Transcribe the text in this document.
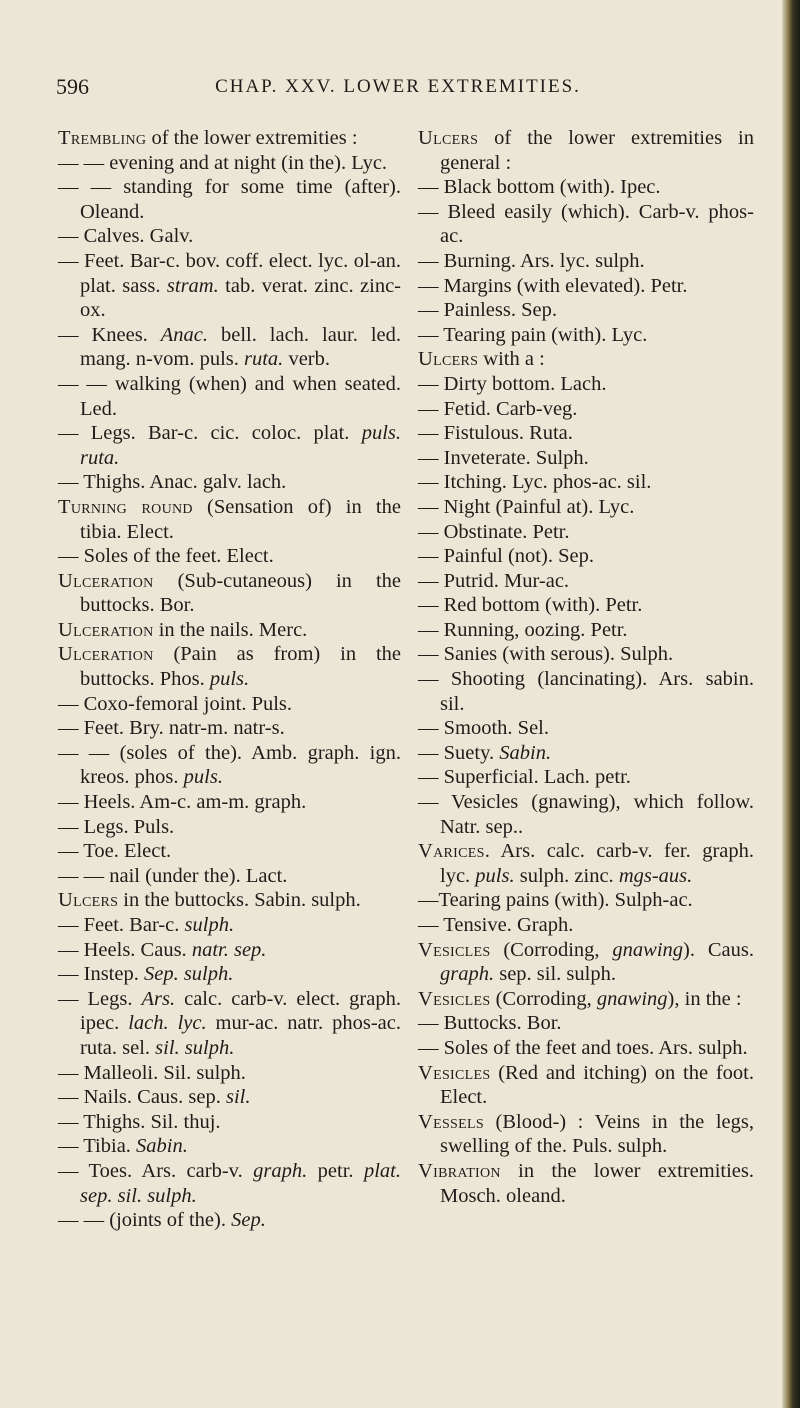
596	CHAP. XXV. LOWER EXTREMITIES.
Trembling of the lower extremities :
— — evening and at night (in the). Lyc.
— — standing for some time (after). Oleand.
— Calves. Galv.
— Feet. Bar-c. bov. coff. elect. lyc. ol-an. plat. sass. stram. tab. verat. zinc. zinc-ox.
— Knees. Anac. bell. lach. laur. led. mang. n-vom. puls. ruta. verb.
— — walking (when) and when seated. Led.
— Legs. Bar-c. cic. coloc. plat. puls. ruta.
— Thighs. Anac. galv. lach.
Turning round (Sensation of) in the tibia. Elect.
— Soles of the feet. Elect.
Ulceration (Sub-cutaneous) in the buttocks. Bor.
Ulceration in the nails. Merc.
Ulceration (Pain as from) in the buttocks. Phos. puls.
— Coxo-femoral joint. Puls.
— Feet. Bry. natr-m. natr-s.
— — (soles of the). Amb. graph. ign. kreos. phos. puls.
— Heels. Am-c. am-m. graph.
— Legs. Puls.
— Toe. Elect.
— — nail (under the). Lact.
Ulcers in the buttocks. Sabin. sulph.
— Feet. Bar-c. sulph.
— Heels. Caus. natr. sep.
— Instep. Sep. sulph.
— Legs. Ars. calc. carb-v. elect. graph. ipec. lach. lyc. mur-ac. natr. phos-ac. ruta. sel. sil. sulph.
— Malleoli. Sil. sulph.
— Nails. Caus. sep. sil.
— Thighs. Sil. thuj.
— Tibia. Sabin.
— Toes. Ars. carb-v. graph. petr. plat. sep. sil. sulph.
— — (joints of the). Sep.
Ulcers of the lower extremities in general :
— Black bottom (with). Ipec.
— Bleed easily (which). Carb-v. phos-ac.
— Burning. Ars. lyc. sulph.
— Margins (with elevated). Petr.
— Painless. Sep.
— Tearing pain (with). Lyc.
Ulcers with a :
— Dirty bottom. Lach.
— Fetid. Carb-veg.
— Fistulous. Ruta.
— Inveterate. Sulph.
— Itching. Lyc. phos-ac. sil.
— Night (Painful at). Lyc.
— Obstinate. Petr.
— Painful (not). Sep.
— Putrid. Mur-ac.
— Red bottom (with). Petr.
— Running, oozing. Petr.
— Sanies (with serous). Sulph.
— Shooting (lancinating). Ars. sabin. sil.
— Smooth. Sel.
— Suety. Sabin.
— Superficial. Lach. petr.
— Vesicles (gnawing), which follow. Natr. sep..
Varices. Ars. calc. carb-v. fer. graph. lyc. puls. sulph. zinc. mgs-aus.
—Tearing pains (with). Sulph-ac.
— Tensive. Graph.
Vesicles (Corroding, gnawing). Caus. graph. sep. sil. sulph.
Vesicles (Corroding, gnawing), in the :
— Buttocks. Bor.
— Soles of the feet and toes. Ars. sulph.
Vesicles (Red and itching) on the foot. Elect.
Vessels (Blood-) : Veins in the legs, swelling of the. Puls. sulph.
Vibration in the lower extremities. Mosch. oleand.
